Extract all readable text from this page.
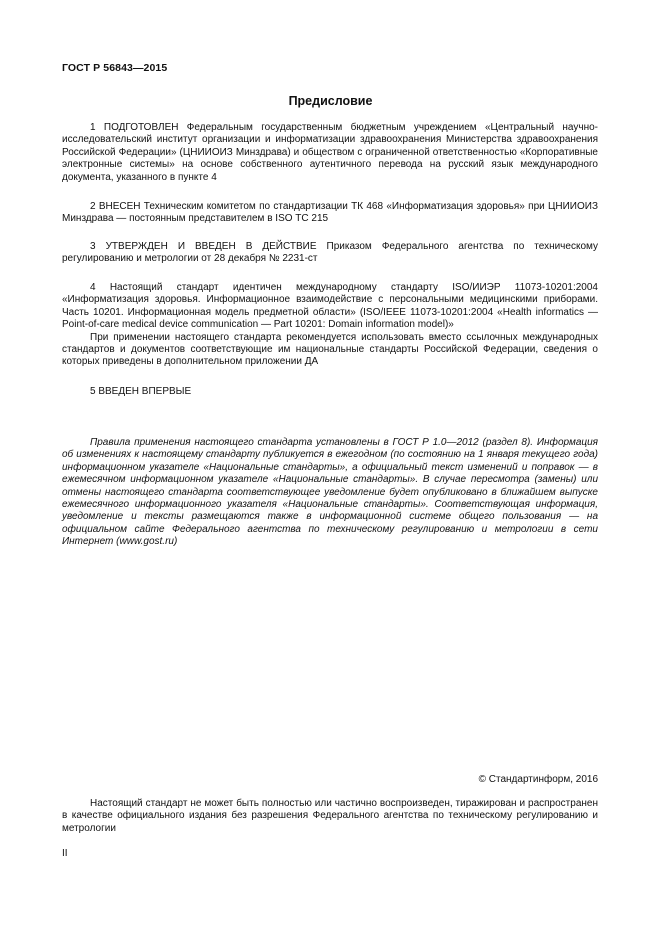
ГОСТ Р 56843—2015
Предисловие

1 ПОДГОТОВЛЕН Федеральным государственным бюджетным учреждением «Центральный научно-исследовательский институт организации и информатизации здравоохранения Министерства здравоохранения Российской Федерации» (ЦНИИОИЗ Минздрава) и обществом с ограниченной ответственностью «Корпоративные электронные системы» на основе собственного аутентичного перевода на русский язык международного документа, указанного в пункте 4

2 ВНЕСЕН Техническим комитетом по стандартизации ТК 468 «Информатизация здоровья» при ЦНИИОИЗ Минздрава — постоянным представителем в ISO ТС 215

3 УТВЕРЖДЕН И ВВЕДЕН В ДЕЙСТВИЕ Приказом Федерального агентства по техническому регулированию и метрологии от 28 декабря № 2231-ст

4 Настоящий стандарт идентичен международному стандарту ISO/ИИЭР 11073-10201:2004 «Информатизация здоровья. Информационное взаимодействие с персональными медицинскими приборами. Часть 10201. Информационная модель предметной области» (ISO/IEEE 11073-10201:2004 «Health informatics — Point-of-care medical device communication — Part 10201: Domain information model)»

При применении настоящего стандарта рекомендуется использовать вместо ссылочных международных стандартов и документов соответствующие им национальные стандарты Российской Федерации, сведения о которых приведены в дополнительном приложении ДА

5 ВВЕДЕН ВПЕРВЫЕ

Правила применения настоящего стандарта установлены в ГОСТ Р 1.0—2012 (раздел 8). Информация об изменениях к настоящему стандарту публикуется в ежегодном (по состоянию на 1 января текущего года) информационном указателе «Национальные стандарты», а официальный текст изменений и поправок — в ежемесячном информационном указателе «Национальные стандарты». В случае пересмотра (замены) или отмены настоящего стандарта соответствующее уведомление будет опубликовано в ближайшем выпуске ежемесячного информационного указателя «Национальные стандарты». Соответствующая информация, уведомление и тексты размещаются также в информационной системе общего пользования — на официальном сайте Федерального агентства по техническому регулированию и метрологии в сети Интернет (www.gost.ru)

© Стандартинформ, 2016

Настоящий стандарт не может быть полностью или частично воспроизведен, тиражирован и распространен в качестве официального издания без разрешения Федерального агентства по техническому регулированию и метрологии

II
